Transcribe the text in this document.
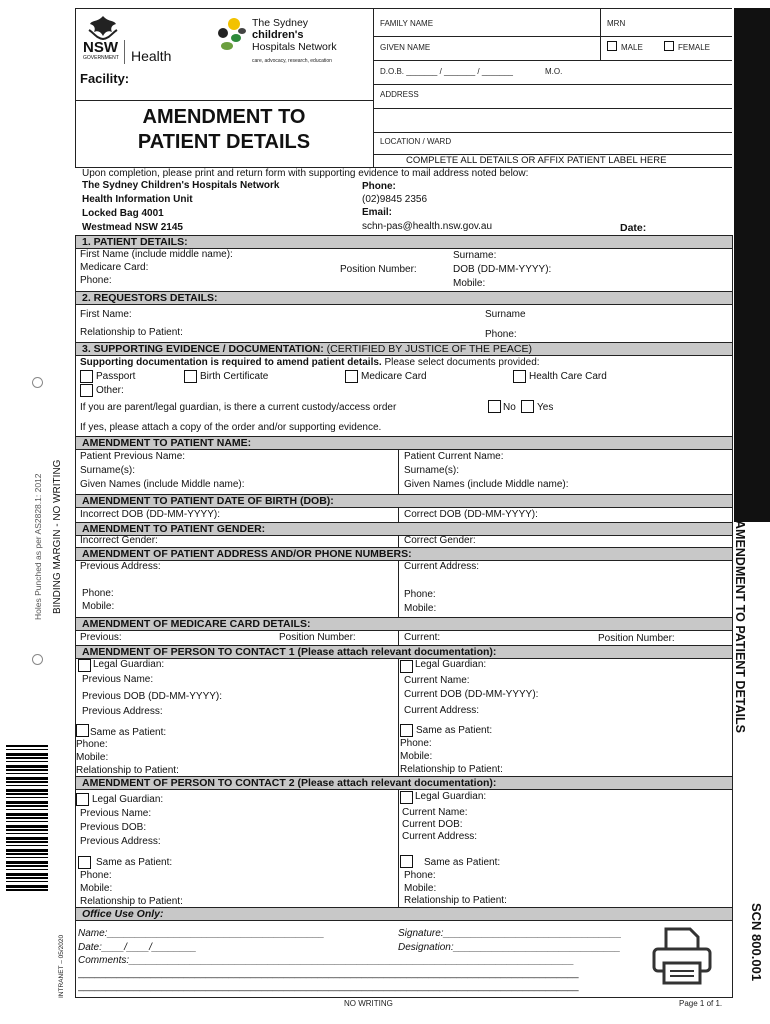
Holes Punched as per AS2828.1: 2012 BINDING MARGIN - NO WRITING
INTRANET – 05/2020
AMENDMENT TO PATIENT DETAILS
SCN 800.001
NSW
GOVERNMENT Health
The Sydney
children's
Hospitals Network
care, advocacy, research, education
Facility:
AMENDMENT TO
PATIENT DETAILS
FAMILY NAME	MRN
GIVEN NAME	MALE	FEMALE
D.O.B. _______ / _______ / _______	M.O.
ADDRESS
LOCATION / WARD
COMPLETE ALL DETAILS OR AFFIX PATIENT LABEL HERE
Upon completion, please print and return form with supporting evidence to mail address noted below:
The Sydney Children's Hospitals Network
Health Information Unit
Locked Bag 4001
Westmead NSW 2145
Phone:
(02)9845 2356
Email:
schn-pas@health.nsw.gov.au	Date:
1. PATIENT DETAILS:
First Name (include middle name):	Surname:
Medicare Card:	Position Number:	DOB (DD-MM-YYYY):
Phone:	Mobile:
2. REQUESTORS DETAILS:
First Name:	Surname
Relationship to Patient:	Phone:
3. SUPPORTING EVIDENCE / DOCUMENTATION: (CERTIFIED BY JUSTICE OF THE PEACE)
Supporting documentation is required to amend patient details. Please select documents provided:
Passport	Birth Certificate	Medicare Card	Health Care Card
Other:
If you are parent/legal guardian, is there a current custody/access order	No Yes
If yes, please attach a copy of the order and/or supporting evidence.
AMENDMENT TO PATIENT NAME:
Patient Previous Name:	Patient Current Name:
Surname(s):	Surname(s):
Given Names (include Middle name):	Given Names (include Middle name):
AMENDMENT TO PATIENT DATE OF BIRTH (DOB):
Incorrect DOB (DD-MM-YYYY):	Correct DOB (DD-MM-YYYY):
AMENDMENT TO PATIENT GENDER:
Incorrect Gender:	Correct Gender:
AMENDMENT OF PATIENT ADDRESS AND/OR PHONE NUMBERS:
Previous Address:	Current Address:
Phone:	Phone:
Mobile:	Mobile:
AMENDMENT OF MEDICARE CARD DETAILS:
Previous:	Position Number:	Current:	Position Number:
AMENDMENT OF PERSON TO CONTACT 1 (Please attach relevant documentation):
Legal Guardian:	Legal Guardian:
Previous Name:	Current Name:
Previous DOB (DD-MM-YYYY):	Current DOB (DD-MM-YYYY):
Previous Address:	Current Address:
Same as Patient:	Same as Patient:
Phone:	Phone:
Mobile:	Mobile:
Relationship to Patient:	Relationship to Patient:
AMENDMENT OF PERSON TO CONTACT 2 (Please attach relevant documentation):
Legal Guardian:	Legal Guardian:
Previous Name:	Current Name:
Previous DOB:	Current DOB:
Previous Address:	Current Address:
Same as Patient:	Same as Patient:
Phone:	Phone:
Mobile:	Mobile:
Relationship to Patient:	Relationship to Patient:
Office Use Only:
Name:_______________________________________	Signature:________________________________
Date:____/____/________	Designation:______________________________
Comments:________________________________________________________________________________
__________________________________________________________________________________________
__________________________________________________________________________________________
NO WRITING	Page 1 of 1.
